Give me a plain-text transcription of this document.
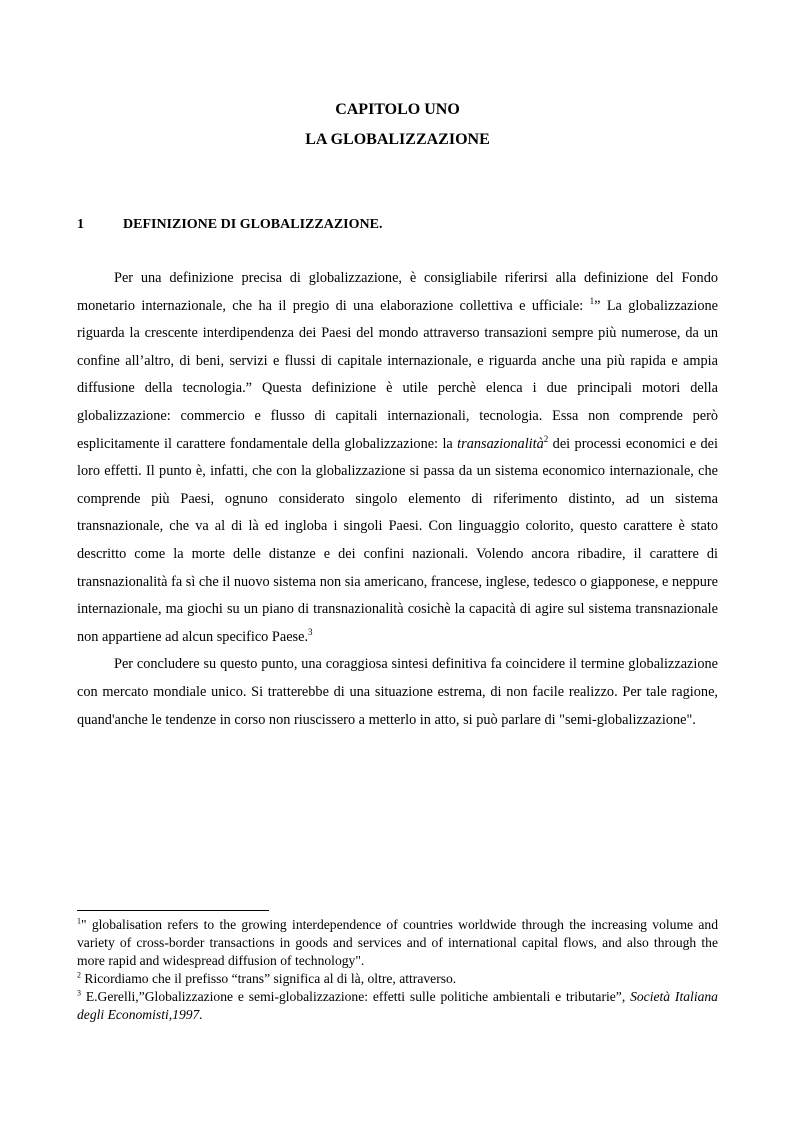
CAPITOLO UNO
LA GLOBALIZZAZIONE
1	DEFINIZIONE DI GLOBALIZZAZIONE.

Per una definizione precisa di globalizzazione, è consigliabile riferirsi alla definizione del Fondo monetario internazionale, che ha il pregio di una elaborazione collettiva e ufficiale: $^1$” La globalizzazione riguarda la crescente interdipendenza dei Paesi del mondo attraverso transazioni sempre più numerose, da un confine all’altro, di beni, servizi e flussi di capitale internazionale, e riguarda anche una più rapida e ampia diffusione della tecnologia.” Questa definizione è utile perchè elenca i due principali motori della globalizzazione: commercio e flusso di capitali internazionali, tecnologia. Essa non comprende però esplicitamente il carattere fondamentale della globalizzazione: la transazionalità$^2$ dei processi economici e dei loro effetti. Il punto è, infatti, che con la globalizzazione si passa da un sistema economico internazionale, che comprende più Paesi, ognuno considerato singolo elemento di riferimento distinto, ad un sistema transnazionale, che va al di là ed ingloba i singoli Paesi. Con linguaggio colorito, questo carattere è stato descritto come la morte delle distanze e dei confini nazionali. Volendo ancora ribadire, il carattere di transnazionalità fa sì che il nuovo sistema non sia americano, francese, inglese, tedesco o giapponese, e neppure internazionale, ma giochi su un piano di transnazionalità cosichè la capacità di agire sul sistema transnazionale non appartiene ad alcun specifico Paese.$^3$

Per concludere su questo punto, una coraggiosa sintesi definitiva fa coincidere il termine globalizzazione con mercato mondiale unico. Si tratterebbe di una situazione estrema, di non facile realizzo. Per tale ragione, quand'anche le tendenze in corso non riuscissero a metterlo in atto, si può parlare di "semi-globalizzazione".

$^1$" globalisation refers to the growing interdependence of countries worldwide through the increasing volume and variety of cross-border transactions in goods and services and of international capital flows, and also through the more rapid and widespread diffusion of technology".

$^2$ Ricordiamo che il prefisso “trans” significa al di là, oltre, attraverso.

$^3$ E.Gerelli,”Globalizzazione e semi-globalizzazione: effetti sulle politiche ambientali e tributarie”, Società Italiana degli Economisti,1997.
